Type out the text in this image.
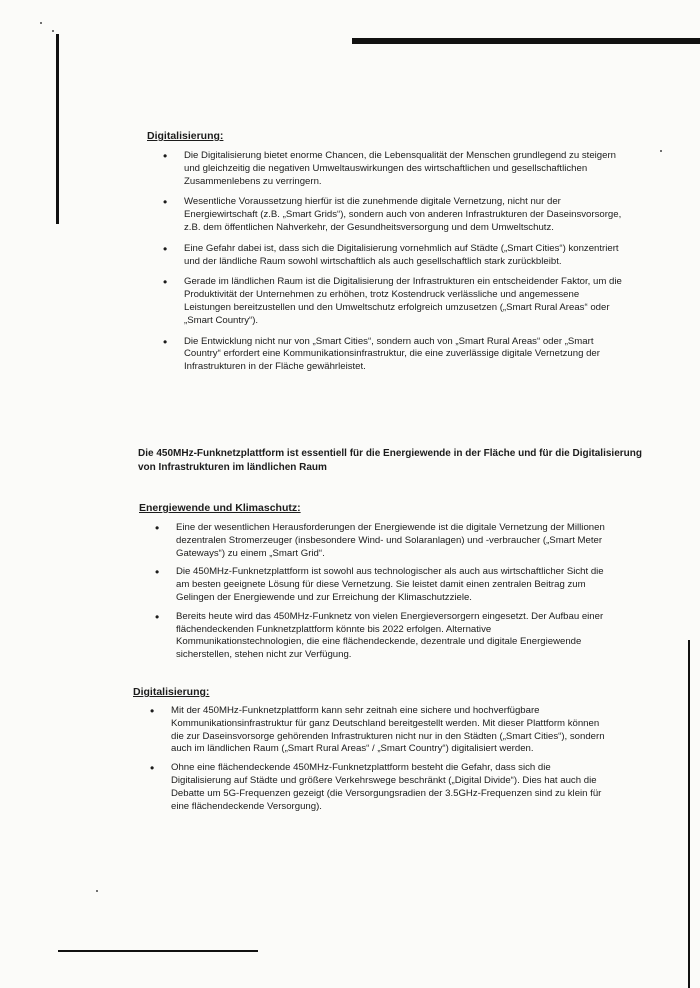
Digitalisierung:
• Die Digitalisierung bietet enorme Chancen, die Lebensqualität der Menschen grundlegend zu steigern und gleichzeitig die negativen Umweltauswirkungen des wirtschaftlichen und gesellschaftlichen Zusammenlebens zu verringern.
• Wesentliche Voraussetzung hierfür ist die zunehmende digitale Vernetzung, nicht nur der Energiewirtschaft (z.B. „Smart Grids“), sondern auch von anderen Infrastrukturen der Daseinsvorsorge, z.B. dem öffentlichen Nahverkehr, der Gesundheitsversorgung und dem Umweltschutz.
• Eine Gefahr dabei ist, dass sich die Digitalisierung vornehmlich auf Städte („Smart Cities“) konzentriert und der ländliche Raum sowohl wirtschaftlich als auch gesellschaftlich stark zurückbleibt.
• Gerade im ländlichen Raum ist die Digitalisierung der Infrastrukturen ein entscheidender Faktor, um die Produktivität der Unternehmen zu erhöhen, trotz Kostendruck verlässliche und angemessene Leistungen bereitzustellen und den Umweltschutz erfolgreich umzusetzen („Smart Rural Areas“ oder „Smart Country“).
• Die Entwicklung nicht nur von „Smart Cities“, sondern auch von „Smart Rural Areas“ oder „Smart Country“ erfordert eine Kommunikationsinfrastruktur, die eine zuverlässige digitale Vernetzung der Infrastrukturen in der Fläche gewährleistet.

Die 450MHz-Funknetzplattform ist essentiell für die Energiewende in der Fläche und für die Digitalisierung von Infrastrukturen im ländlichen Raum

Energiewende und Klimaschutz:
• Eine der wesentlichen Herausforderungen der Energiewende ist die digitale Vernetzung der Millionen dezentralen Stromerzeuger (insbesondere Wind- und Solaranlagen) und -verbraucher („Smart Meter Gateways“) zu einem „Smart Grid“.
• Die 450MHz-Funknetzplattform ist sowohl aus technologischer als auch aus wirtschaftlicher Sicht die am besten geeignete Lösung für diese Vernetzung. Sie leistet damit einen zentralen Beitrag zum Gelingen der Energiewende und zur Erreichung der Klimaschutzziele.
• Bereits heute wird das 450MHz-Funknetz von vielen Energieversorgern eingesetzt. Der Aufbau einer flächendeckenden Funknetzplattform könnte bis 2022 erfolgen. Alternative Kommunikationstechnologien, die eine flächendeckende, dezentrale und digitale Energiewende sicherstellen, stehen nicht zur Verfügung.
Digitalisierung:
• Mit der 450MHz-Funknetzplattform kann sehr zeitnah eine sichere und hochverfügbare Kommunikationsinfrastruktur für ganz Deutschland bereitgestellt werden. Mit dieser Plattform können die zur Daseinsvorsorge gehörenden Infrastrukturen nicht nur in den Städten („Smart Cities“), sondern auch im ländlichen Raum („Smart Rural Areas“ / „Smart Country“) digitalisiert werden.
• Ohne eine flächendeckende 450MHz-Funknetzplattform besteht die Gefahr, dass sich die Digitalisierung auf Städte und größere Verkehrswege beschränkt („Digital Divide“). Dies hat auch die Debatte um 5G-Frequenzen gezeigt (die Versorgungsradien der 3.5GHz-Frequenzen sind zu klein für eine flächendeckende Versorgung).
